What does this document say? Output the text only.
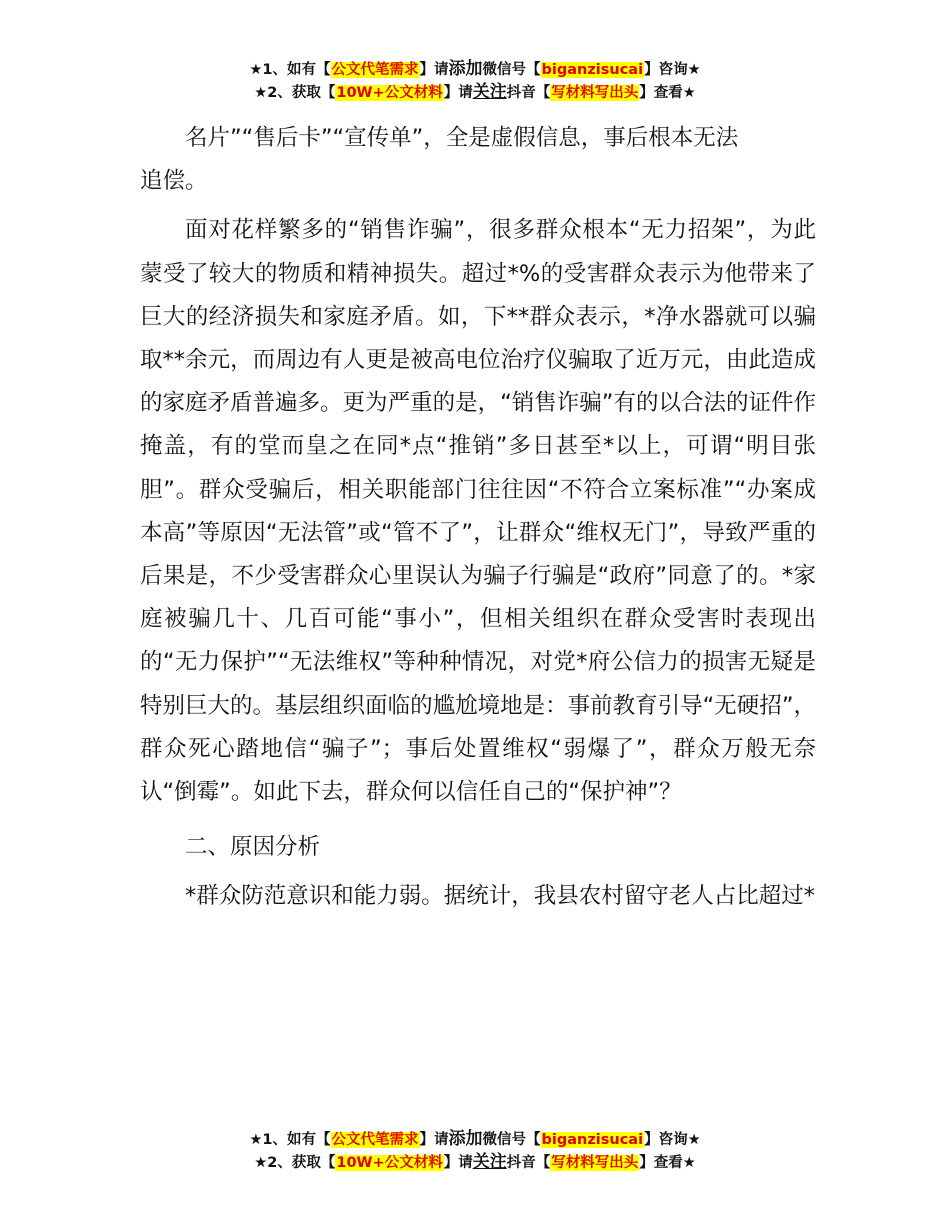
★1、如有【公文代笔需求】请添加微信号【biganzisucai】咨询★
★2、获取【10W+公文材料】请关注抖音【写材料写出头】查看★

名片”“售后卡”“宣传单”，全是虚假信息，事后根本无法

追偿。

面对花样繁多的“销售诈骗”，很多群众根本“无力招架”，为此蒙受了较大的物质和精神损失。超过*%的受害群众表示为他带来了巨大的经济损失和家庭矛盾。如，下**群众表示，*净水器就可以骗取**余元，而周边有人更是被高电位治疗仪骗取了近万元，由此造成的家庭矛盾普遍多。更为严重的是，“销售诈骗”有的以合法的证件作掩盖，有的堂而皇之在同*点“推销”多日甚至*以上，可谓“明目张胆”。群众受骗后，相关职能部门往往因“不符合立案标准”“办案成本高”等原因“无法管”或“管不了”，让群众“维权无门”，导致严重的后果是，不少受害群众心里误认为骗子行骗是“政府”同意了的。*家庭被骗几十、几百可能“事小”，但相关组织在群众受害时表现出的“无力保护”“无法维权”等种种情况，对党*府公信力的损害无疑是特别巨大的。基层组织面临的尴尬境地是：事前教育引导“无硬招”，群众死心踏地信“骗子”；事后处置维权“弱爆了”，群众万般无奈认“倒霉”。如此下去，群众何以信任自己的“保护神”？

二、原因分析

*群众防范意识和能力弱。据统计，我县农村留守老人占比超过*

★1、如有【公文代笔需求】请添加微信号【biganzisucai】咨询★
★2、获取【10W+公文材料】请关注抖音【写材料写出头】查看★
